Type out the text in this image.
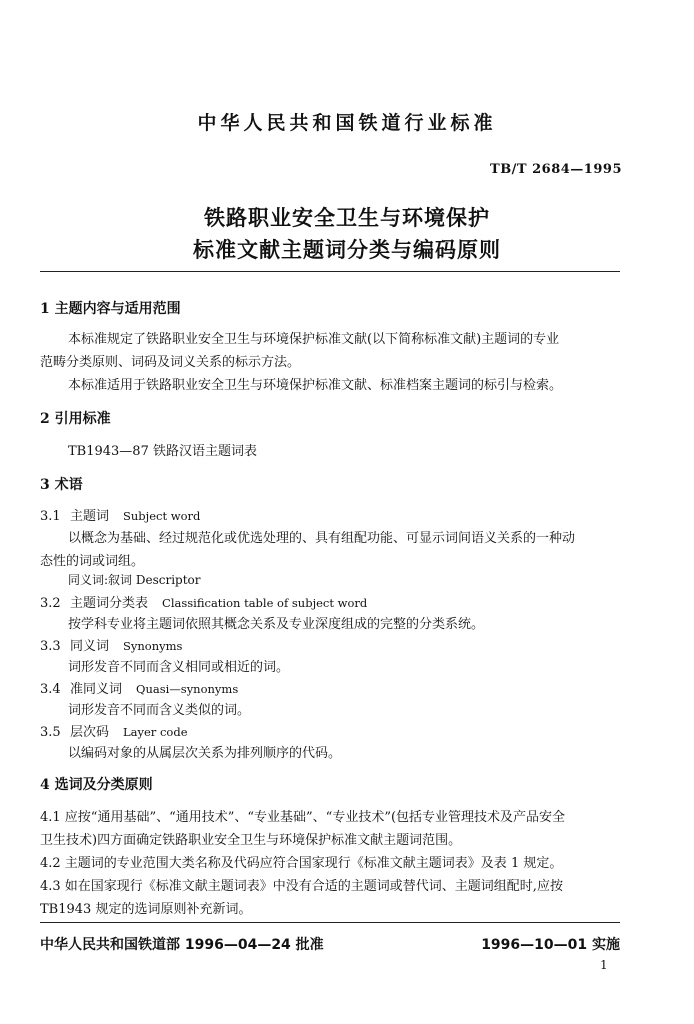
中华人民共和国铁道行业标准
TB/T 2684—1995
铁路职业安全卫生与环境保护
标准文献主题词分类与编码原则
1 主题内容与适用范围
本标准规定了铁路职业安全卫生与环境保护标准文献(以下简称标准文献)主题词的专业
范畴分类原则、词码及词义关系的标示方法。
本标准适用于铁路职业安全卫生与环境保护标准文献、标准档案主题词的标引与检索。
2 引用标准
TB1943—87 铁路汉语主题词表
3 术语
3.1 主题词 Subject word
以概念为基础、经过规范化或优选处理的、具有组配功能、可显示词间语义关系的一种动
态性的词或词组。
同义词:叙词 Descriptor
3.2 主题词分类表 Classification table of subject word
按学科专业将主题词依照其概念关系及专业深度组成的完整的分类系统。
3.3 同义词 Synonyms
词形发音不同而含义相同或相近的词。
3.4 准同义词 Quasi—synonyms
词形发音不同而含义类似的词。
3.5 层次码 Layer code
以编码对象的从属层次关系为排列顺序的代码。
4 选词及分类原则
4.1 应按“通用基础”、“通用技术”、“专业基础”、“专业技术”(包括专业管理技术及产品安全
卫生技术)四方面确定铁路职业安全卫生与环境保护标准文献主题词范围。
4.2 主题词的专业范围大类名称及代码应符合国家现行《标准文献主题词表》及表 1 规定。
4.3 如在国家现行《标准文献主题词表》中没有合适的主题词或替代词、主题词组配时,应按
TB1943 规定的选词原则补充新词。
中华人民共和国铁道部 1996—04—24 批准	1996—10—01 实施
1
